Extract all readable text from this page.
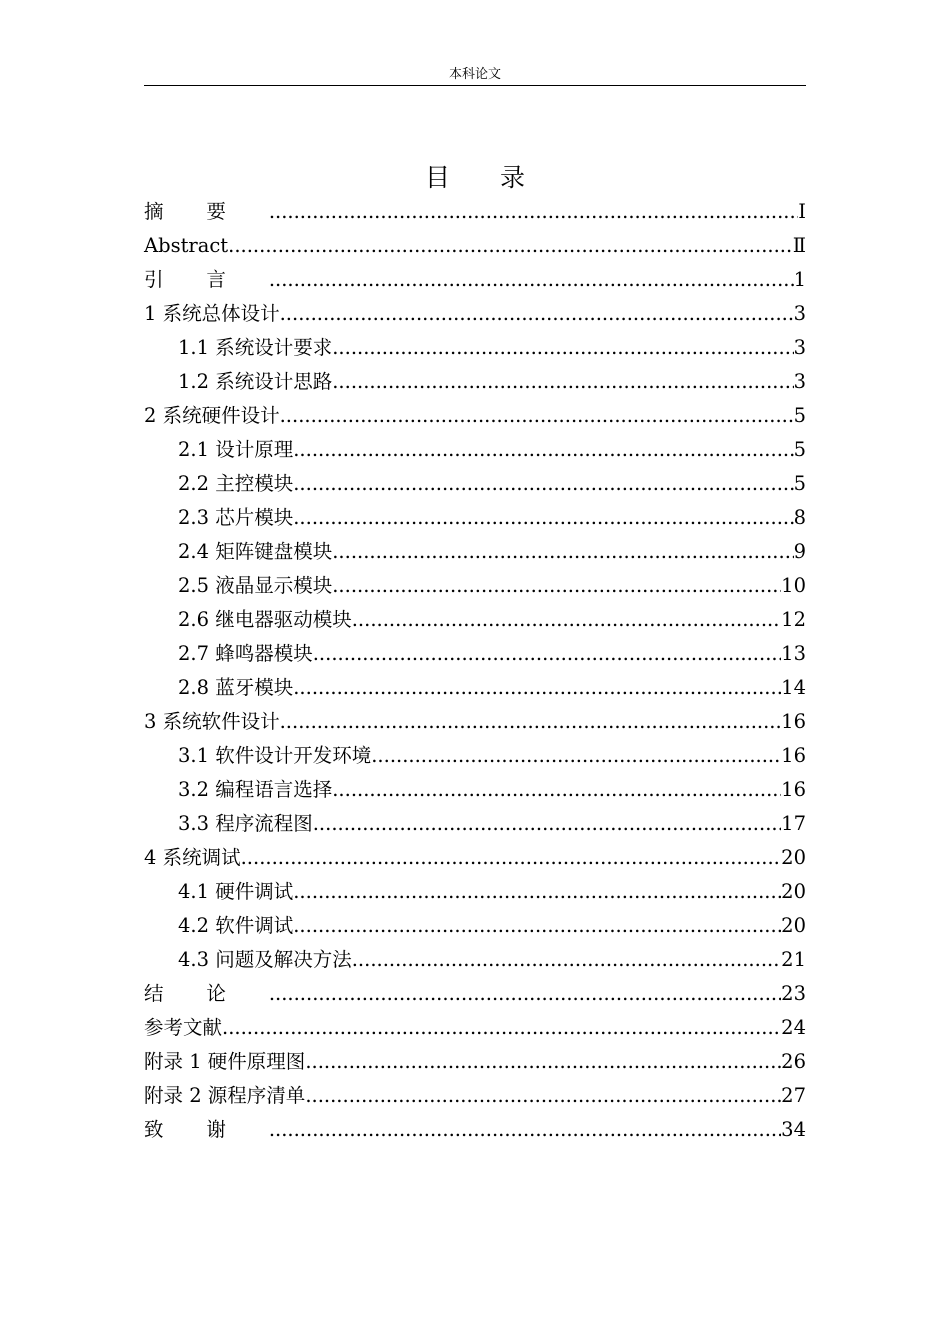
本科论文
目 录
摘要 .....	I
Abstract .....	Ⅱ
引言 .....	1
1 系统总体设计 .....	3
1.1 系统设计要求 .....	3
1.2 系统设计思路 .....	3
2 系统硬件设计 .....	5
2.1 设计原理 .....	5
2.2 主控模块 .....	5
2.3 芯片模块 .....	8
2.4 矩阵键盘模块 .....	9
2.5 液晶显示模块 .....	10
2.6 继电器驱动模块 .....	12
2.7 蜂鸣器模块 .....	13
2.8 蓝牙模块 .....	14
3 系统软件设计 .....	16
3.1 软件设计开发环境 .....	16
3.2 编程语言选择 .....	16
3.3 程序流程图 .....	17
4 系统调试 .....	20
4.1 硬件调试 .....	20
4.2 软件调试 .....	20
4.3 问题及解决方法 .....	21
结论 .....	23
参考文献 .....	24
附录 1 硬件原理图 .....	26
附录 2 源程序清单 .....	27
致谢 .....	34
